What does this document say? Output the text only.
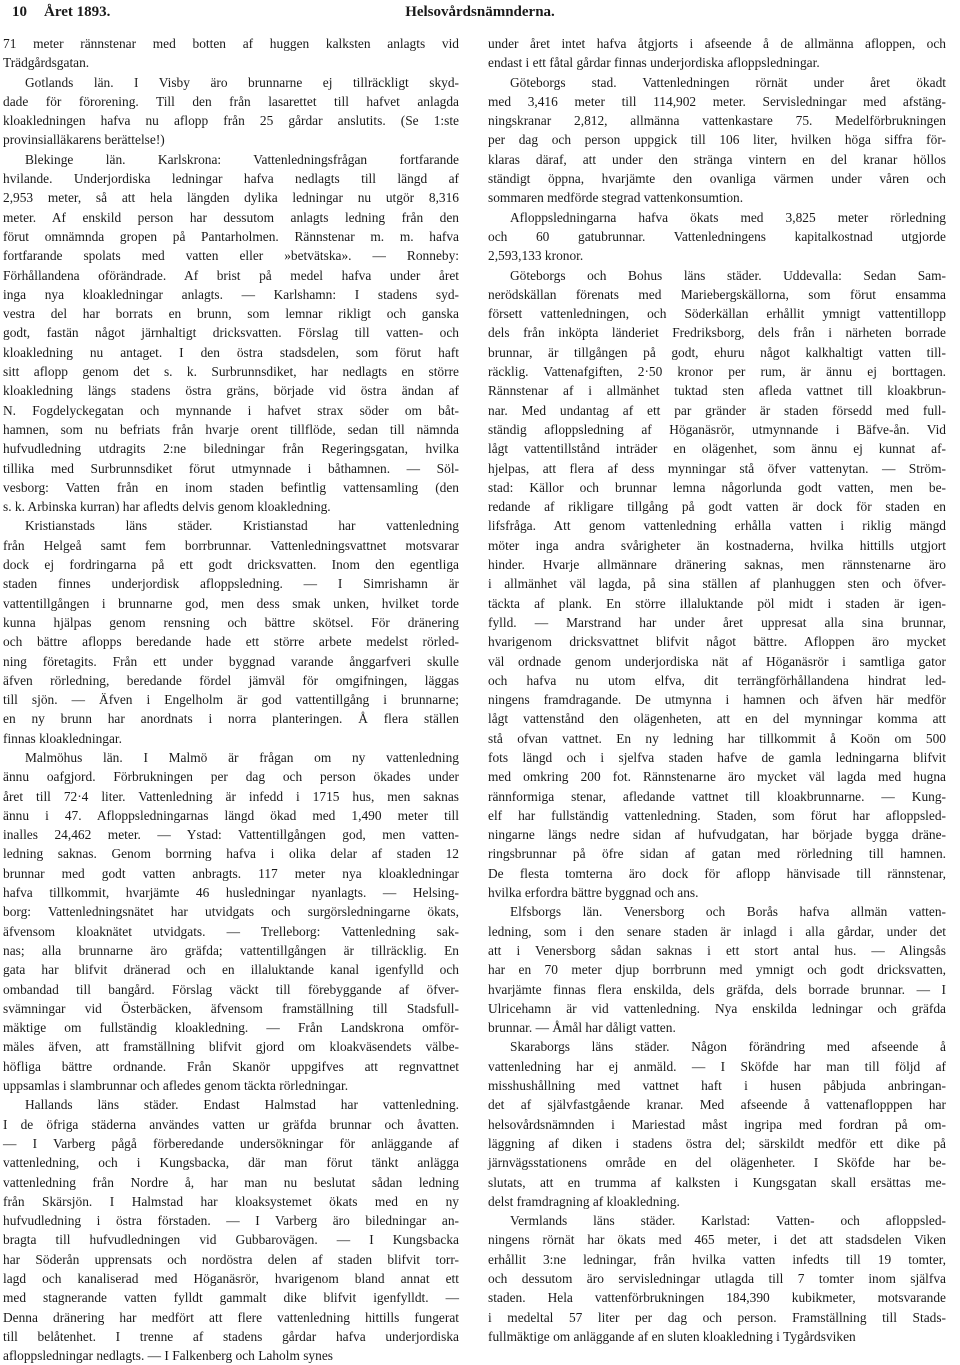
10 Året 1893.	Helsovårdsnämnderna.
71 meter rännstenar med botten af huggen kalksten anlagts vid
Trädgårdsgatan.
Gotlands län. I Visby äro brunnarne ej tillräckligt skyd-
dade för förorening. Till den från lasarettet till hafvet anlagda
kloakledningen hafva nu aflopp från 25 gårdar anslutits. (Se 1:ste
provinsialläkarens berättelse!)
Blekinge län. Karlskrona: Vattenledningsfrågan fortfarande
hvilande. Underjordiska ledningar hafva nedlagts till längd af
2,953 meter, så att hela längden dylika ledningar nu utgör 8,316
meter. Af enskild person har dessutom anlagts ledning från den
förut omnämnda gropen på Pantarholmen. Rännstenar m. m. hafva
fortfarande spolats med vatten eller »betvätska». — Ronneby:
Förhållandena oförändrade. Af brist på medel hafva under året
inga nya kloakledningar anlagts. — Karlshamn: I stadens syd-
vestra del har borrats en brunn, som lemnar rikligt och ganska
godt, fastän något järnhaltigt dricksvatten. Förslag till vatten- och
kloakledning nu antaget. I den östra stadsdelen, som förut haft
sitt aflopp genom det s. k. Surbrunnsdiket, har nedlagts en större
kloakledning längs stadens östra gräns, började vid östra ändan af
N. Fogdelyckegatan och mynnande i hafvet strax söder om båt-
hamnen, som nu befriats från hvarje orent tillflöde, sedan till nämnda
hufvudledning utdragits 2:ne biledningar från Regeringsgatan, hvilka
tillika med Surbrunnsdiket förut utmynnade i båthamnen. — Söl-
vesborg: Vatten från en inom staden befintlig vattensamling (den
s. k. Arbinska kurran) har afledts delvis genom kloakledning.
Kristianstads läns städer. Kristianstad har vattenledning
från Helgeå samt fem borrbrunnar. Vattenledningsvattnet motsvarar
dock ej fordringarna på ett godt dricksvatten. Inom den egentliga
staden finnes underjordisk afloppsledning. — I Simrishamn är
vattentillgången i brunnarne god, men dess smak unken, hvilket torde
kunna hjälpas genom rensning och bättre skötsel. För dränering
och bättre aflopps beredande hade ett större arbete medelst rörled-
ning företagits. Från ett under byggnad varande ånggarfveri skulle
äfven rörledning, beredande fördel jämväl för omgifningen, läggas
till sjön. — Äfven i Engelholm är god vattentillgång i brunnarne;
en ny brunn har anordnats i norra planteringen. Å flera ställen
finnas kloakledningar.
Malmöhus län. I Malmö är frågan om ny vattenledning
ännu oafgjord. Förbrukningen per dag och person ökades under
året till 72·4 liter. Vattenledning är infedd i 1715 hus, men saknas
ännu i 47. Afloppsledningarnas längd ökad med 1,490 meter till
inalles 24,462 meter. — Ystad: Vattentillgången god, men vatten-
ledning saknas. Genom borrning hafva i olika delar af staden 12
brunnar med godt vatten anbragts. 117 meter nya kloakledningar
hafva tillkommit, hvarjämte 46 husledningar nyanlagts. — Helsing-
borg: Vattenledningsnätet har utvidgats och surgörsledningarne ökats,
äfvensom kloaknätet utvidgats. — Trelleborg: Vattenledning sak-
nas; alla brunnarne äro gräfda; vattentillgången är tillräcklig. En
gata har blifvit dränerad och en illaluktande kanal igenfylld och
ombandad till bangård. Förslag väckt till förebyggande af öfver-
svämningar vid Österbäcken, äfvensom framställning till Stadsfull-
mäktige om fullständig kloakledning. — Från Landskrona omför-
mäles äfven, att framställning blifvit gjord om kloakväsendets välbe-
höfliga bättre ordnande. Från Skanör uppgifves att regnvattnet
uppsamlas i slambrunnar och afledes genom täckta rörledningar.
Hallands läns städer. Endast Halmstad har vattenledning.
I de öfriga städerna användes vatten ur gräfda brunnar och åvatten.
— I Varberg pågå förberedande undersökningar för anläggande af
vattenledning, och i Kungsbacka, där man förut tänkt anlägga
vattenledning från Nordre å, har man nu beslutat sådan ledning
från Skärsjön. I Halmstad har kloaksystemet ökats med en ny
hufvudledning i östra förstaden. — I Varberg äro biledningar an-
bragta till hufvudledningen vid Gubbarovägen. — I Kungsbacka
har Söderån upprensats och nordöstra delen af staden blifvit torr-
lagd och kanaliserad med Höganäsrör, hvarigenom bland annat ett
med stagnerande vatten fylldt gammalt dike blifvit igenfylldt. —
Denna dränering har medfört att flere vattenledning hittills fungerat
till belåtenhet. I trenne af stadens gårdar hafva underjordiska
afloppsledningar nedlagts. — I Falkenberg och Laholm synes
under året intet hafva åtgjorts i afseende å de allmänna afloppen, och
endast i ett fåtal gårdar finnas underjordiska afloppsledningar.
Göteborgs stad. Vattenledningen rörnät under året ökadt
med 3,416 meter till 114,902 meter. Servisledningar med afstäng-
ningskranar 2,812, allmänna vattenkastare 75. Medelförbrukningen
per dag och person uppgick till 106 liter, hvilken höga siffra för-
klaras däraf, att under den stränga vintern en del kranar höllos
ständigt öppna, hvarjämte den ovanliga värmen under våren och
sommaren medförde stegrad vattenkonsumtion.
Afloppsledningarna hafva ökats med 3,825 meter rörledning
och 60 gatubrunnar. Vattenledningens kapitalkostnad utgjorde
2,593,133 kronor.
Göteborgs och Bohus läns städer. Uddevalla: Sedan Sam-
nerödskällan förenats med Mariebergskällorna, som förut ensamma
försett vattenledningen, och Söderkällan erhållit ymnigt vattentillopp
dels från inköpta länderiet Fredriksborg, dels från i närheten borrade
brunnar, är tillgången på godt, ehuru något kalkhaltigt vatten till-
räcklig. Vattenafgiften, 2·50 kronor per rum, är ännu ej borttagen.
Rännstenar af i allmänhet tuktad sten afleda vattnet till kloakbrun-
nar. Med undantag af ett par gränder är staden försedd med full-
ständig afloppsledning af Höganäsrör, utmynnande i Bäfve-ån. Vid
lågt vattentillstånd inträder en olägenhet, som ännu ej kunnat af-
hjelpas, att flera af dess mynningar stå öfver vattenytan. — Ström-
stad: Källor och brunnar lemna någorlunda godt vatten, men be-
redande af rikligare tillgång på godt vatten är dock för staden en
lifsfråga. Att genom vattenledning erhålla vatten i riklig mängd
möter inga andra svårigheter än kostnaderna, hvilka hittills utgjort
hinder. Hvarje allmännare dränering saknas, men rännstenarne äro
i allmänhet väl lagda, på sina ställen af planhuggen sten och öfver-
täckta af plank. En större illaluktande pöl midt i staden är igen-
fylld. — Marstrand har under året uppresat alla sina brunnar,
hvarigenom dricksvattnet blifvit något bättre. Afloppen äro mycket
väl ordnade genom underjordiska nät af Höganäsrör i samtliga gator
och hafva nu utom elfva, dit terrängförhållandena hindrat led-
ningens framdragande. De utmynna i hamnen och äfven här medför
lågt vattenstånd den olägenheten, att en del mynningar komma att
stå ofvan vattnet. En ny ledning har tillkommit å Koön om 500
fots längd och i sjelfva staden hafve de gamla ledningarna blifvit
med omkring 200 fot. Rännstenarne äro mycket väl lagda med hugna
rännformiga stenar, afledande vattnet till kloakbrunnarne. — Kung-
elf har fullständig vattenledning. Staden, som förut har afloppsled-
ningarne längs nedre sidan af hufvudgatan, har började bygga dräne-
ringsbrunnar på öfre sidan af gatan med rörledning till hamnen.
De flesta tomterna äro dock för aflopp hänvisade till rännstenar,
hvilka erfordra bättre byggnad och ans.
Elfsborgs län. Venersborg och Borås hafva allmän vatten-
ledning, som i den senare staden är inlagd i alla gårdar, under det
att i Venersborg sådan saknas i ett stort antal hus. — Alingsås
har en 70 meter djup borrbrunn med ymnigt och godt dricksvatten,
hvarjämte finnas flera enskilda, dels gräfda, dels borrade brunnar. — I
Ulricehamn är vid vattenledning. Nya enskilda ledningar och gräfda
brunnar. — Åmål har dåligt vatten.
Skaraborgs läns städer. Någon förändring med afseende å
vattenledning har ej anmäld. — I Sköfde har man till följd af
misshushållning med vattnet haft i husen påbjuda anbringan-
det af självfastgående kranar. Med afseende å vattenaflopppen har
helsovårdsnämnden i Mariestad måst ingripa med fordran på om-
läggning af diken i stadens östra del; särskildt medför ett dike på
järnvägsstationens område en del olägenheter. I Sköfde har be-
slutats, att en trumma af kalksten i Kungsgatan skall ersättas me-
delst framdragning af kloakledning.
Vermlands läns städer. Karlstad: Vatten- och afloppsled-
ningens rörnät har ökats med 465 meter, i det att stadsdelen Viken
erhållit 3:ne ledningar, från hvilka vatten infedts till 19 tomter,
och dessutom äro servisledningar utlagda till 7 tomter inom själfva
staden. Hela vattenförbrukningen 184,390 kubikmeter, motsvarande
i medeltal 57 liter per dag och person. Framställning till Stads-
fullmäktige om anläggande af en sluten kloakledning i Tygårdsviken
